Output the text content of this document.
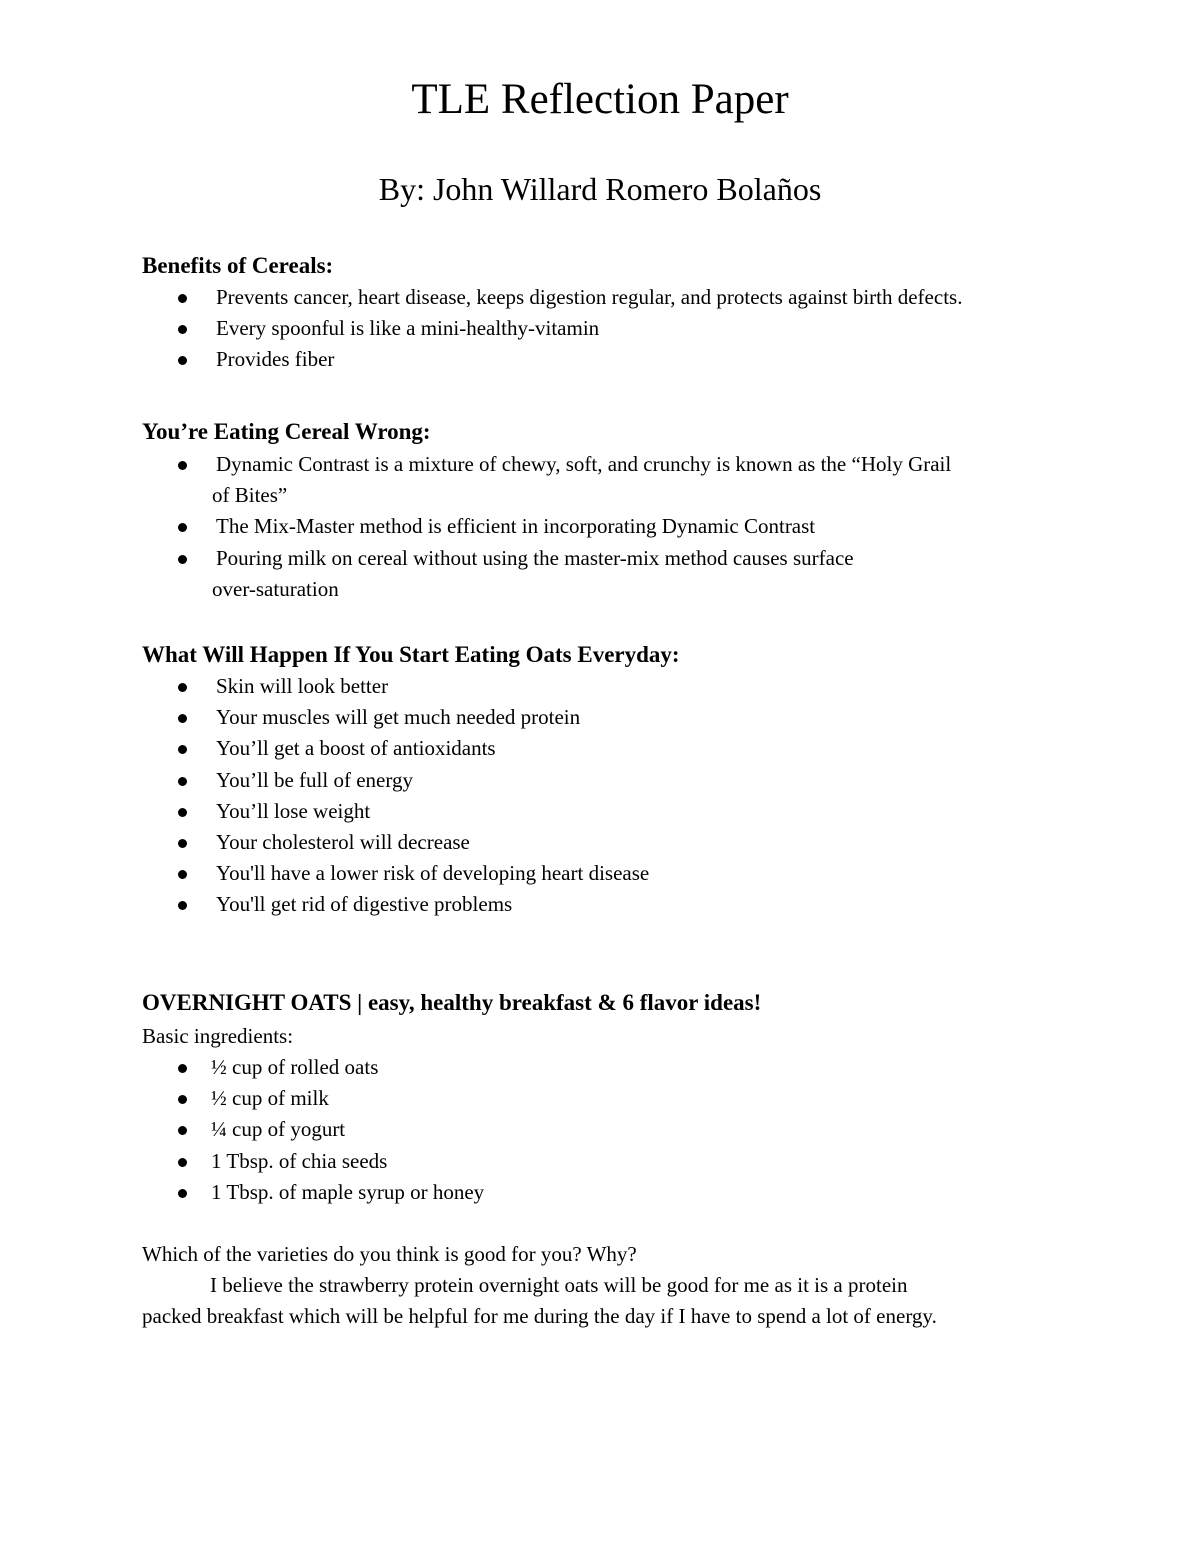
TLE Reflection Paper

By: John Willard Romero Bolaños

Benefits of Cereals:

Prevents cancer, heart disease, keeps digestion regular, and protects against birth defects.
Every spoonful is like a mini-healthy-vitamin
Provides fiber

You’re Eating Cereal Wrong:

Dynamic Contrast is a mixture of chewy, soft, and crunchy is known as the “Holy Grail
of Bites”
The Mix-Master method is efficient in incorporating Dynamic Contrast
Pouring milk on cereal without using the master-mix method causes surface
over-saturation

What Will Happen If You Start Eating Oats Everyday:

Skin will look better
Your muscles will get much needed protein
You’ll get a boost of antioxidants
You’ll be full of energy
You’ll lose weight
Your cholesterol will decrease
You'll have a lower risk of developing heart disease
You'll get rid of digestive problems

OVERNIGHT OATS | easy, healthy breakfast & 6 flavor ideas!

Basic ingredients:

½ cup of rolled oats
½ cup of milk
¼ cup of yogurt
1 Tbsp. of chia seeds
1 Tbsp. of maple syrup or honey

Which of the varieties do you think is good for you? Why?

I believe the strawberry protein overnight oats will be good for me as it is a protein
packed breakfast which will be helpful for me during the day if I have to spend a lot of energy.
